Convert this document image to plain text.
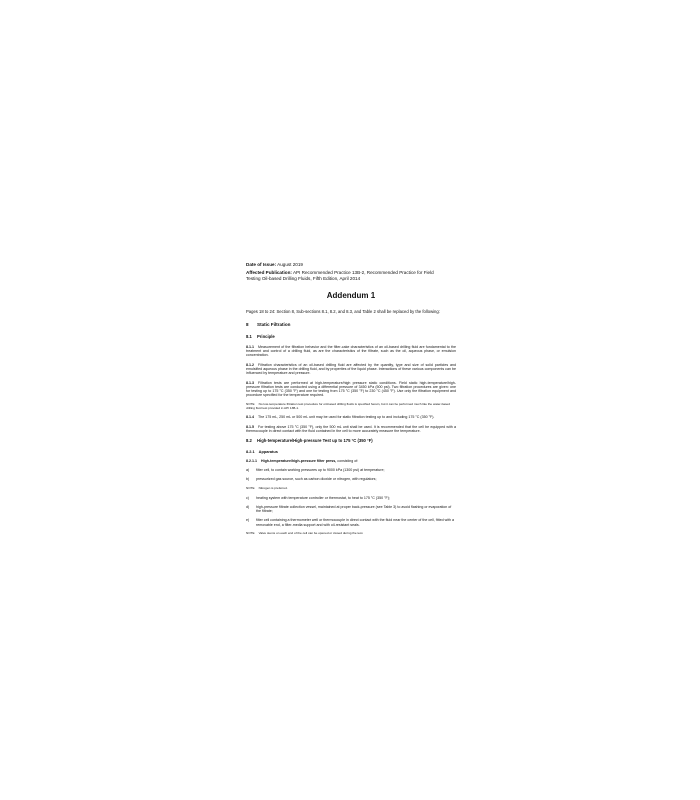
Date of Issue: August 2019
Affected Publication: API Recommended Practice 13B-2, Recommended Practice for Field
Testing Oil-based Drilling Fluids, Fifth Edition, April 2014
Addendum 1
Pages 18 to 24: Section 8, Sub-sections 8.1, 8.2, and 8.3, and Table 2 shall be replaced by the following:
8 Static Filtration
8.1 Principle

8.1.1 Measurement of the filtration behavior and the filter-cake characteristics of an oil-based drilling fluid are fundamental to the treatment and control of a drilling fluid, as are the characteristics of the filtrate, such as the oil, aqueous phase, or emulsion concentration.

8.1.2 Filtration characteristics of an oil-based drilling fluid are affected by the quantity, type and size of solid particles and emulsified aqueous phase in the drilling fluid, and by properties of the liquid phase. Interactions of these various components can be influenced by temperature and pressure.

8.1.3 Filtration tests are performed at high-temperature/high pressure static conditions. Field static high-temperature/high-pressure filtration tests are conducted using a differential pressure of 3450 kPa (500 psi). Two filtration procedures are given: one for testing up to 175 °C (350 °F) and one for testing from 175 °C (350 °F) to 230 °C (450 °F). Use only the filtration equipment and procedure specified for the temperature required.

NOTE No low-temperature filtration test procedure for oil-based drilling fluids is specified herein, but it can be performed much like the water-based drilling fluid test provided in API 13B-1.

8.1.4 The 175 mL, 250 mL or 500 mL unit may be used for static filtration testing up to and including 175 °C (350 °F).

8.1.5 For testing above 175 °C (350 °F), only the 500 mL unit shall be used. It is recommended that the cell be equipped with a thermocouple in direct contact with the fluid contained in the cell to more accurately measure the temperature.

8.2 High-temperature/High-pressure Test up to 175 °C (350 °F)
8.2.1 Apparatus

8.2.1.1 High-temperature/high-pressure filter press, consisting of:

a)	filter cell, to contain working pressures up to 9000 kPa (1300 psi) at temperature;
b)	pressurized gas source, such as carbon dioxide or nitrogen, with regulators;

NOTE Nitrogen is preferred.

c)	heating system with temperature controller or thermostat, to heat to 175 °C (350 °F);
d)	high-pressure filtrate collection vessel, maintained at proper back-pressure (see Table 3) to avoid flashing or evaporation of the filtrate;
e)	filter cell containing a thermometer well or thermocouple in direct contact with the fluid near the center of the cell, fitted with a removable end, a filter-media support and with oil-resistant seals.

NOTE Valve stems on each end of the cell can be opened or closed during the test.
